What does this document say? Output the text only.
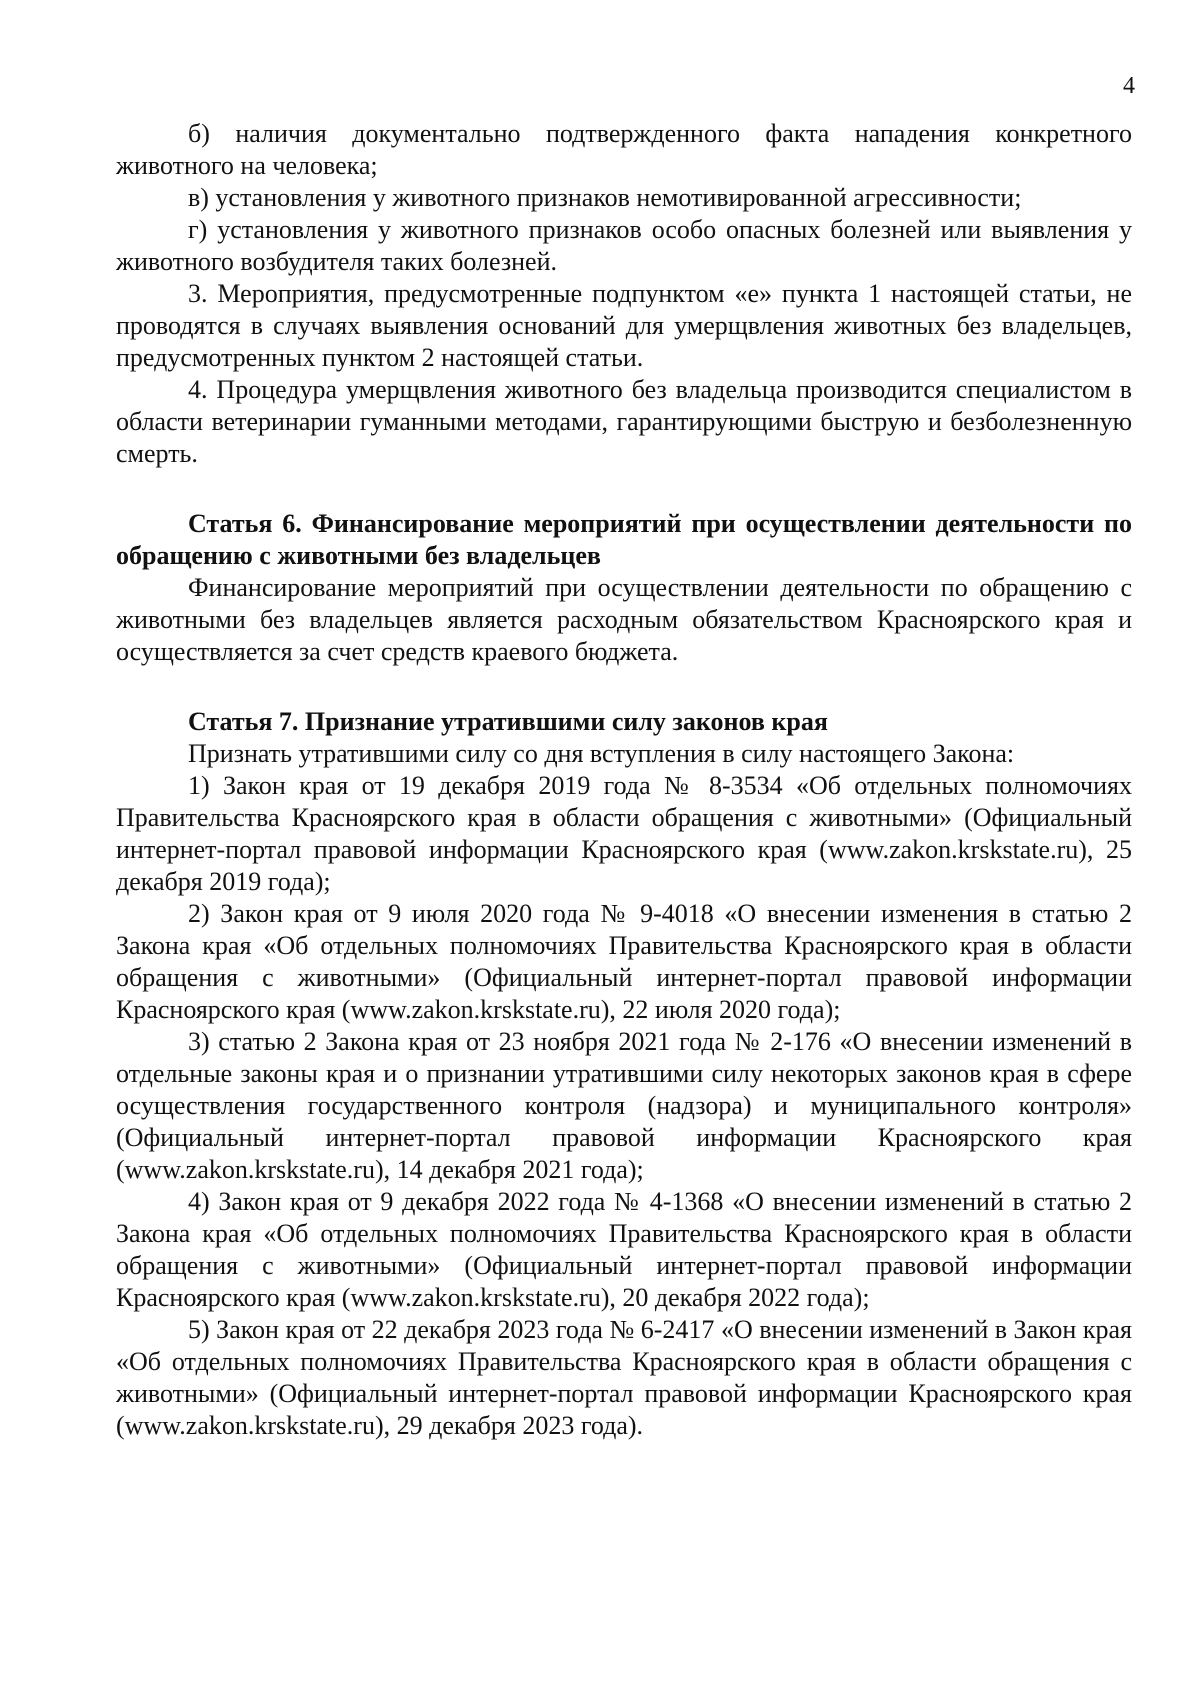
4

б) наличия документально подтвержденного факта нападения конкретного животного на человека;

в) установления у животного признаков немотивированной агрессивности;

г) установления у животного признаков особо опасных болезней или выявления у животного возбудителя таких болезней.

3. Мероприятия, предусмотренные подпунктом «е» пункта 1 настоящей статьи, не проводятся в случаях выявления оснований для умерщвления животных без владельцев, предусмотренных пунктом 2 настоящей статьи.

4. Процедура умерщвления животного без владельца производится специалистом в области ветеринарии гуманными методами, гарантирующими быструю и безболезненную смерть.

Статья 6. Финансирование мероприятий при осуществлении деятельности по обращению с животными без владельцев

Финансирование мероприятий при осуществлении деятельности по обращению с животными без владельцев является расходным обязательством Красноярского края и осуществляется за счет средств краевого бюджета.

Статья 7. Признание утратившими силу законов края

Признать утратившими силу со дня вступления в силу настоящего Закона:

1) Закон края от 19 декабря 2019 года № 8-3534 «Об отдельных полномочиях Правительства Красноярского края в области обращения с животными» (Официальный интернет-портал правовой информации Красноярского края (www.zakon.krskstate.ru), 25 декабря 2019 года);

2) Закон края от 9 июля 2020 года № 9-4018 «О внесении изменения в статью 2 Закона края «Об отдельных полномочиях Правительства Красноярского края в области обращения с животными» (Официальный интернет-портал правовой информации Красноярского края (www.zakon.krskstate.ru), 22 июля 2020 года);

3) статью 2 Закона края от 23 ноября 2021 года № 2-176 «О внесении изменений в отдельные законы края и о признании утратившими силу некоторых законов края в сфере осуществления государственного контроля (надзора) и муниципального контроля» (Официальный интернет-портал правовой информации Красноярского края (www.zakon.krskstate.ru), 14 декабря 2021 года);

4) Закон края от 9 декабря 2022 года № 4-1368 «О внесении изменений в статью 2 Закона края «Об отдельных полномочиях Правительства Красноярского края в области обращения с животными» (Официальный интернет-портал правовой информации Красноярского края (www.zakon.krskstate.ru), 20 декабря 2022 года);

5) Закон края от 22 декабря 2023 года № 6-2417 «О внесении изменений в Закон края «Об отдельных полномочиях Правительства Красноярского края в области обращения с животными» (Официальный интернет-портал правовой информации Красноярского края (www.zakon.krskstate.ru), 29 декабря 2023 года).
